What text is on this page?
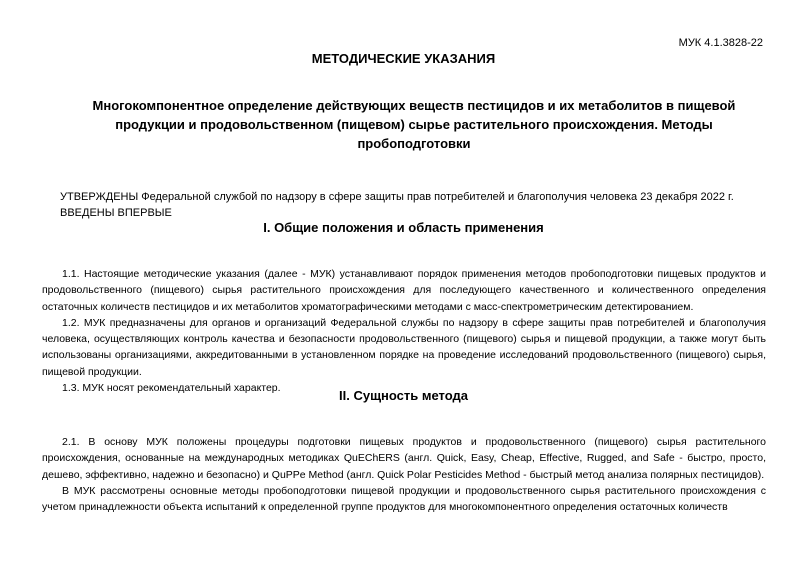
МУК 4.1.3828-22
МЕТОДИЧЕСКИЕ УКАЗАНИЯ
Многокомпонентное определение действующих веществ пестицидов и их метаболитов в пищевой продукции и продовольственном (пищевом) сырье растительного происхождения. Методы пробоподготовки
УТВЕРЖДЕНЫ Федеральной службой по надзору в сфере защиты прав потребителей и благополучия человека 23 декабря 2022 г.
ВВЕДЕНЫ ВПЕРВЫЕ
I. Общие положения и область применения

1.1. Настоящие методические указания (далее - МУК) устанавливают порядок применения методов пробоподготовки пищевых продуктов и продовольственного (пищевого) сырья растительного происхождения для последующего качественного и количественного определения остаточных количеств пестицидов и их метаболитов хроматографическими методами с масс-спектрометрическим детектированием.

1.2. МУК предназначены для органов и организаций Федеральной службы по надзору в сфере защиты прав потребителей и благополучия человека, осуществляющих контроль качества и безопасности продовольственного (пищевого) сырья и пищевой продукции, а также могут быть использованы организациями, аккредитованными в установленном порядке на проведение исследований продовольственного (пищевого) сырья, пищевой продукции.

1.3. МУК носят рекомендательный характер.	II. Сущность метода

2.1. В основу МУК положены процедуры подготовки пищевых продуктов и продовольственного (пищевого) сырья растительного происхождения, основанные на международных методиках QuEChERS (англ. Quick, Easy, Cheap, Effective, Rugged, and Safe - быстро, просто, дешево, эффективно, надежно и безопасно) и QuPPe Method (англ. Quick Polar Pesticides Method - быстрый метод анализа полярных пестицидов).

В МУК рассмотрены основные методы пробоподготовки пищевой продукции и продовольственного сырья растительного происхождения с учетом принадлежности объекта испытаний к определенной группе продуктов для многокомпонентного определения остаточных количеств
